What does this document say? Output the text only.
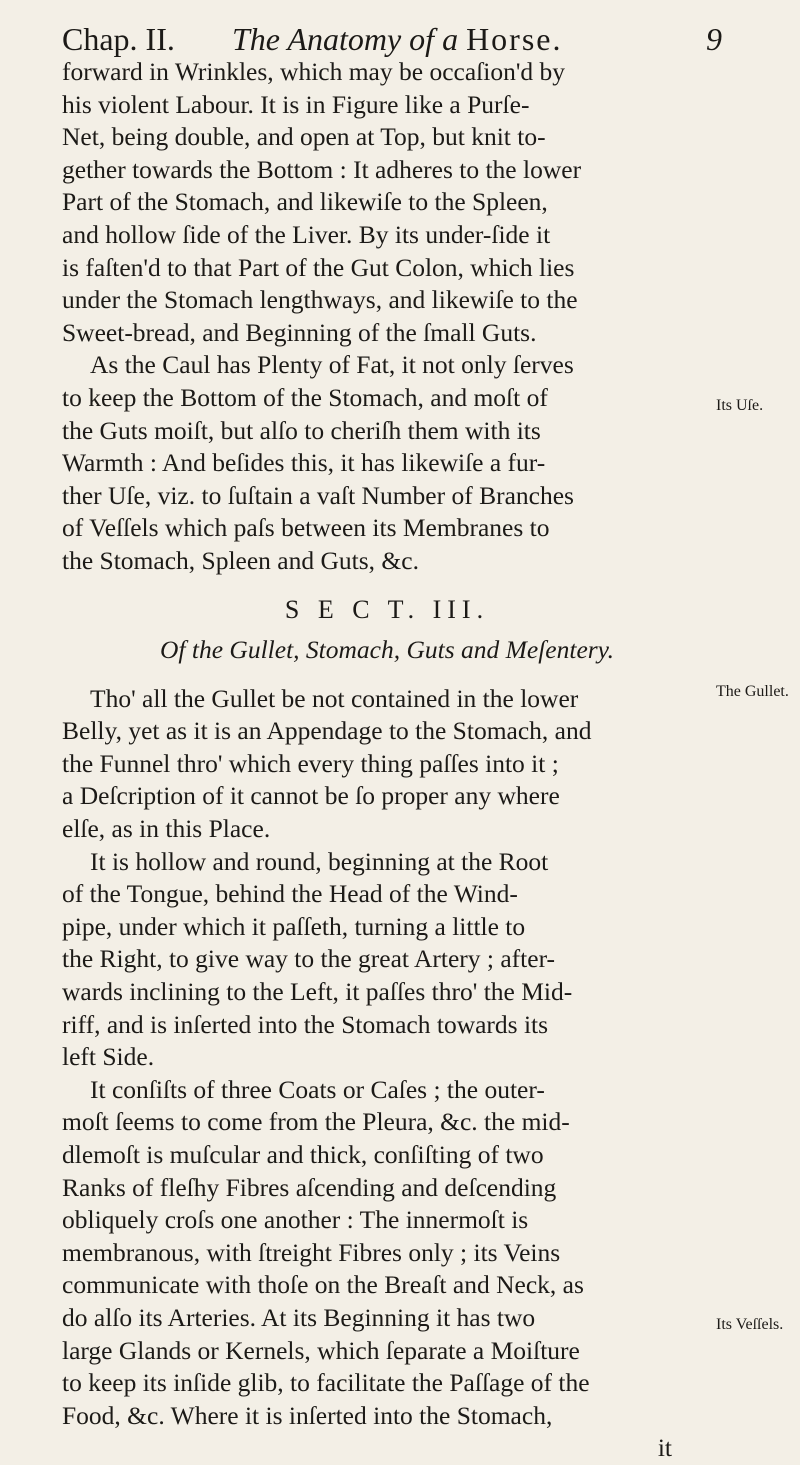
Chap. II. The Anatomy of a Horse.	9
forward in Wrinkles, which may be occaſion'd by
his violent Labour. It is in Figure like a Purſe-
Net, being double, and open at Top, but knit to-
gether towards the Bottom : It adheres to the lower
Part of the Stomach, and likewiſe to the Spleen,
and hollow ſide of the Liver. By its under-ſide it
is faſten'd to that Part of the Gut Colon, which lies
under the Stomach lengthways, and likewiſe to the
Sweet-bread, and Beginning of the ſmall Guts.
As the Caul has Plenty of Fat, it not only ſerves
to keep the Bottom of the Stomach, and moſt of
the Guts moiſt, but alſo to cheriſh them with its
Warmth : And beſides this, it has likewiſe a fur-
ther Uſe, viz. to ſuſtain a vaſt Number of Branches
of Veſſels which paſs between its Membranes to
the Stomach, Spleen and Guts, &c.
S E C T. III.
Of the Gullet, Stomach, Guts and Meſentery.
Tho' all the Gullet be not contained in the lower
Belly, yet as it is an Appendage to the Stomach, and
the Funnel thro' which every thing paſſes into it ;
a Deſcription of it cannot be ſo proper any where
elſe, as in this Place.
It is hollow and round, beginning at the Root
of the Tongue, behind the Head of the Wind-
pipe, under which it paſſeth, turning a little to
the Right, to give way to the great Artery ; after-
wards inclining to the Left, it paſſes thro' the Mid-
riff, and is inſerted into the Stomach towards its
left Side.
It conſiſts of three Coats or Caſes ; the outer-
moſt ſeems to come from the Pleura, &c. the mid-
dlemoſt is muſcular and thick, conſiſting of two
Ranks of fleſhy Fibres aſcending and deſcending
obliquely croſs one another : The innermoſt is
membranous, with ſtreight Fibres only ; its Veins
communicate with thoſe on the Breaſt and Neck, as
do alſo its Arteries. At its Beginning it has two
large Glands or Kernels, which ſeparate a Moiſture
to keep its inſide glib, to facilitate the Paſſage of the
Food, &c. Where it is inſerted into the Stomach,
it
Its Uſe.
The Gullet.
Its Veſſels.
